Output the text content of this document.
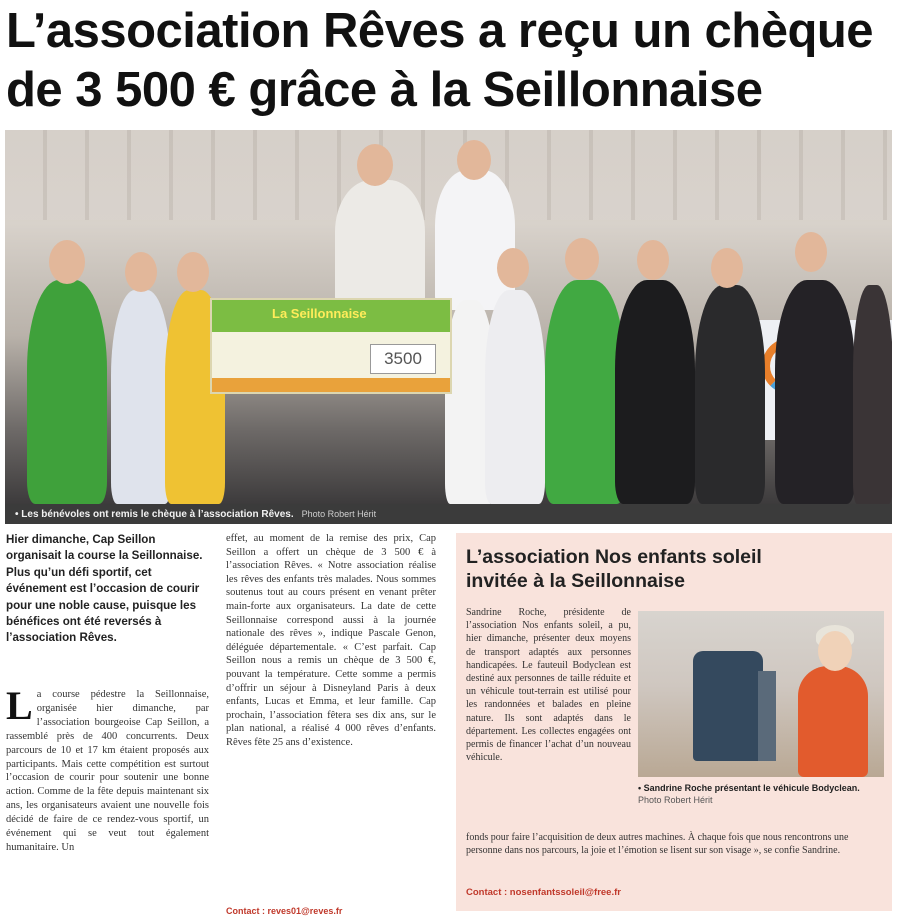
L’association Rêves a reçu un chèque
de 3 500 € grâce à la Seillonnaise
La Seillonnaise
3500
• Les bénévoles ont remis le chèque à l’association Rêves. Photo Robert Hérit
Hier dimanche, Cap Seillon organisait la course la Seillonnaise. Plus qu’un défi sportif, cet événement est l’occasion de courir pour une noble cause, puisque les bénéfices ont été reversés à l’association Rêves.
La course pédestre la Seillonnaise, organisée hier dimanche, par l’association bourgeoise Cap Seillon, a rassemblé près de 400 concurrents. Deux parcours de 10 et 17 km étaient proposés aux participants. Mais cette compétition est surtout l’occasion de courir pour soutenir une bonne action. Comme de la fête depuis maintenant six ans, les organisateurs avaient une nouvelle fois décidé de faire de ce rendez-vous sportif, un événement qui se veut tout également humanitaire. Un
effet, au moment de la remise des prix, Cap Seillon a offert un chèque de 3 500 € à l’association Rêves. « Notre association réalise les rêves des enfants très malades. Nous sommes soutenus tout au cours présent en venant prêter main-forte aux organisateurs. La date de cette Seillonnaise correspond aussi à la journée nationale des rêves », indique Pascale Genon, déléguée départementale. « C’est parfait. Cap Seillon nous a remis un chèque de 3 500 €, pouvant la température. Cette somme a permis d’offrir un séjour à Disneyland Paris à deux enfants, Lucas et Emma, et leur famille. Cap prochain, l’association fêtera ses dix ans, sur le plan national, a réalisé 4 000 rêves d’enfants. Rêves fête 25 ans d’existence.
Contact : reves01@reves.fr
L’association Nos enfants soleil
invitée à la Seillonnaise
Sandrine Roche, présidente de l’association Nos enfants soleil, a pu, hier dimanche, présenter deux moyens de transport adaptés aux personnes handicapées. Le fauteuil Bodyclean est destiné aux personnes de taille réduite et un véhicule tout-terrain est utilisé pour les randonnées et balades en pleine nature. Ils sont adaptés dans le département. Les collectes engagées ont permis de financer l’achat d’un nouveau véhicule.
• Sandrine Roche présentant le véhicule Bodyclean. Photo Robert Hérit
fonds pour faire l’acquisition de deux autres machines. À chaque fois que nous rencontrons une personne dans nos parcours, la joie et l’émotion se lisent sur son visage », se confie Sandrine.
Contact : nosenfantssoleil@free.fr
